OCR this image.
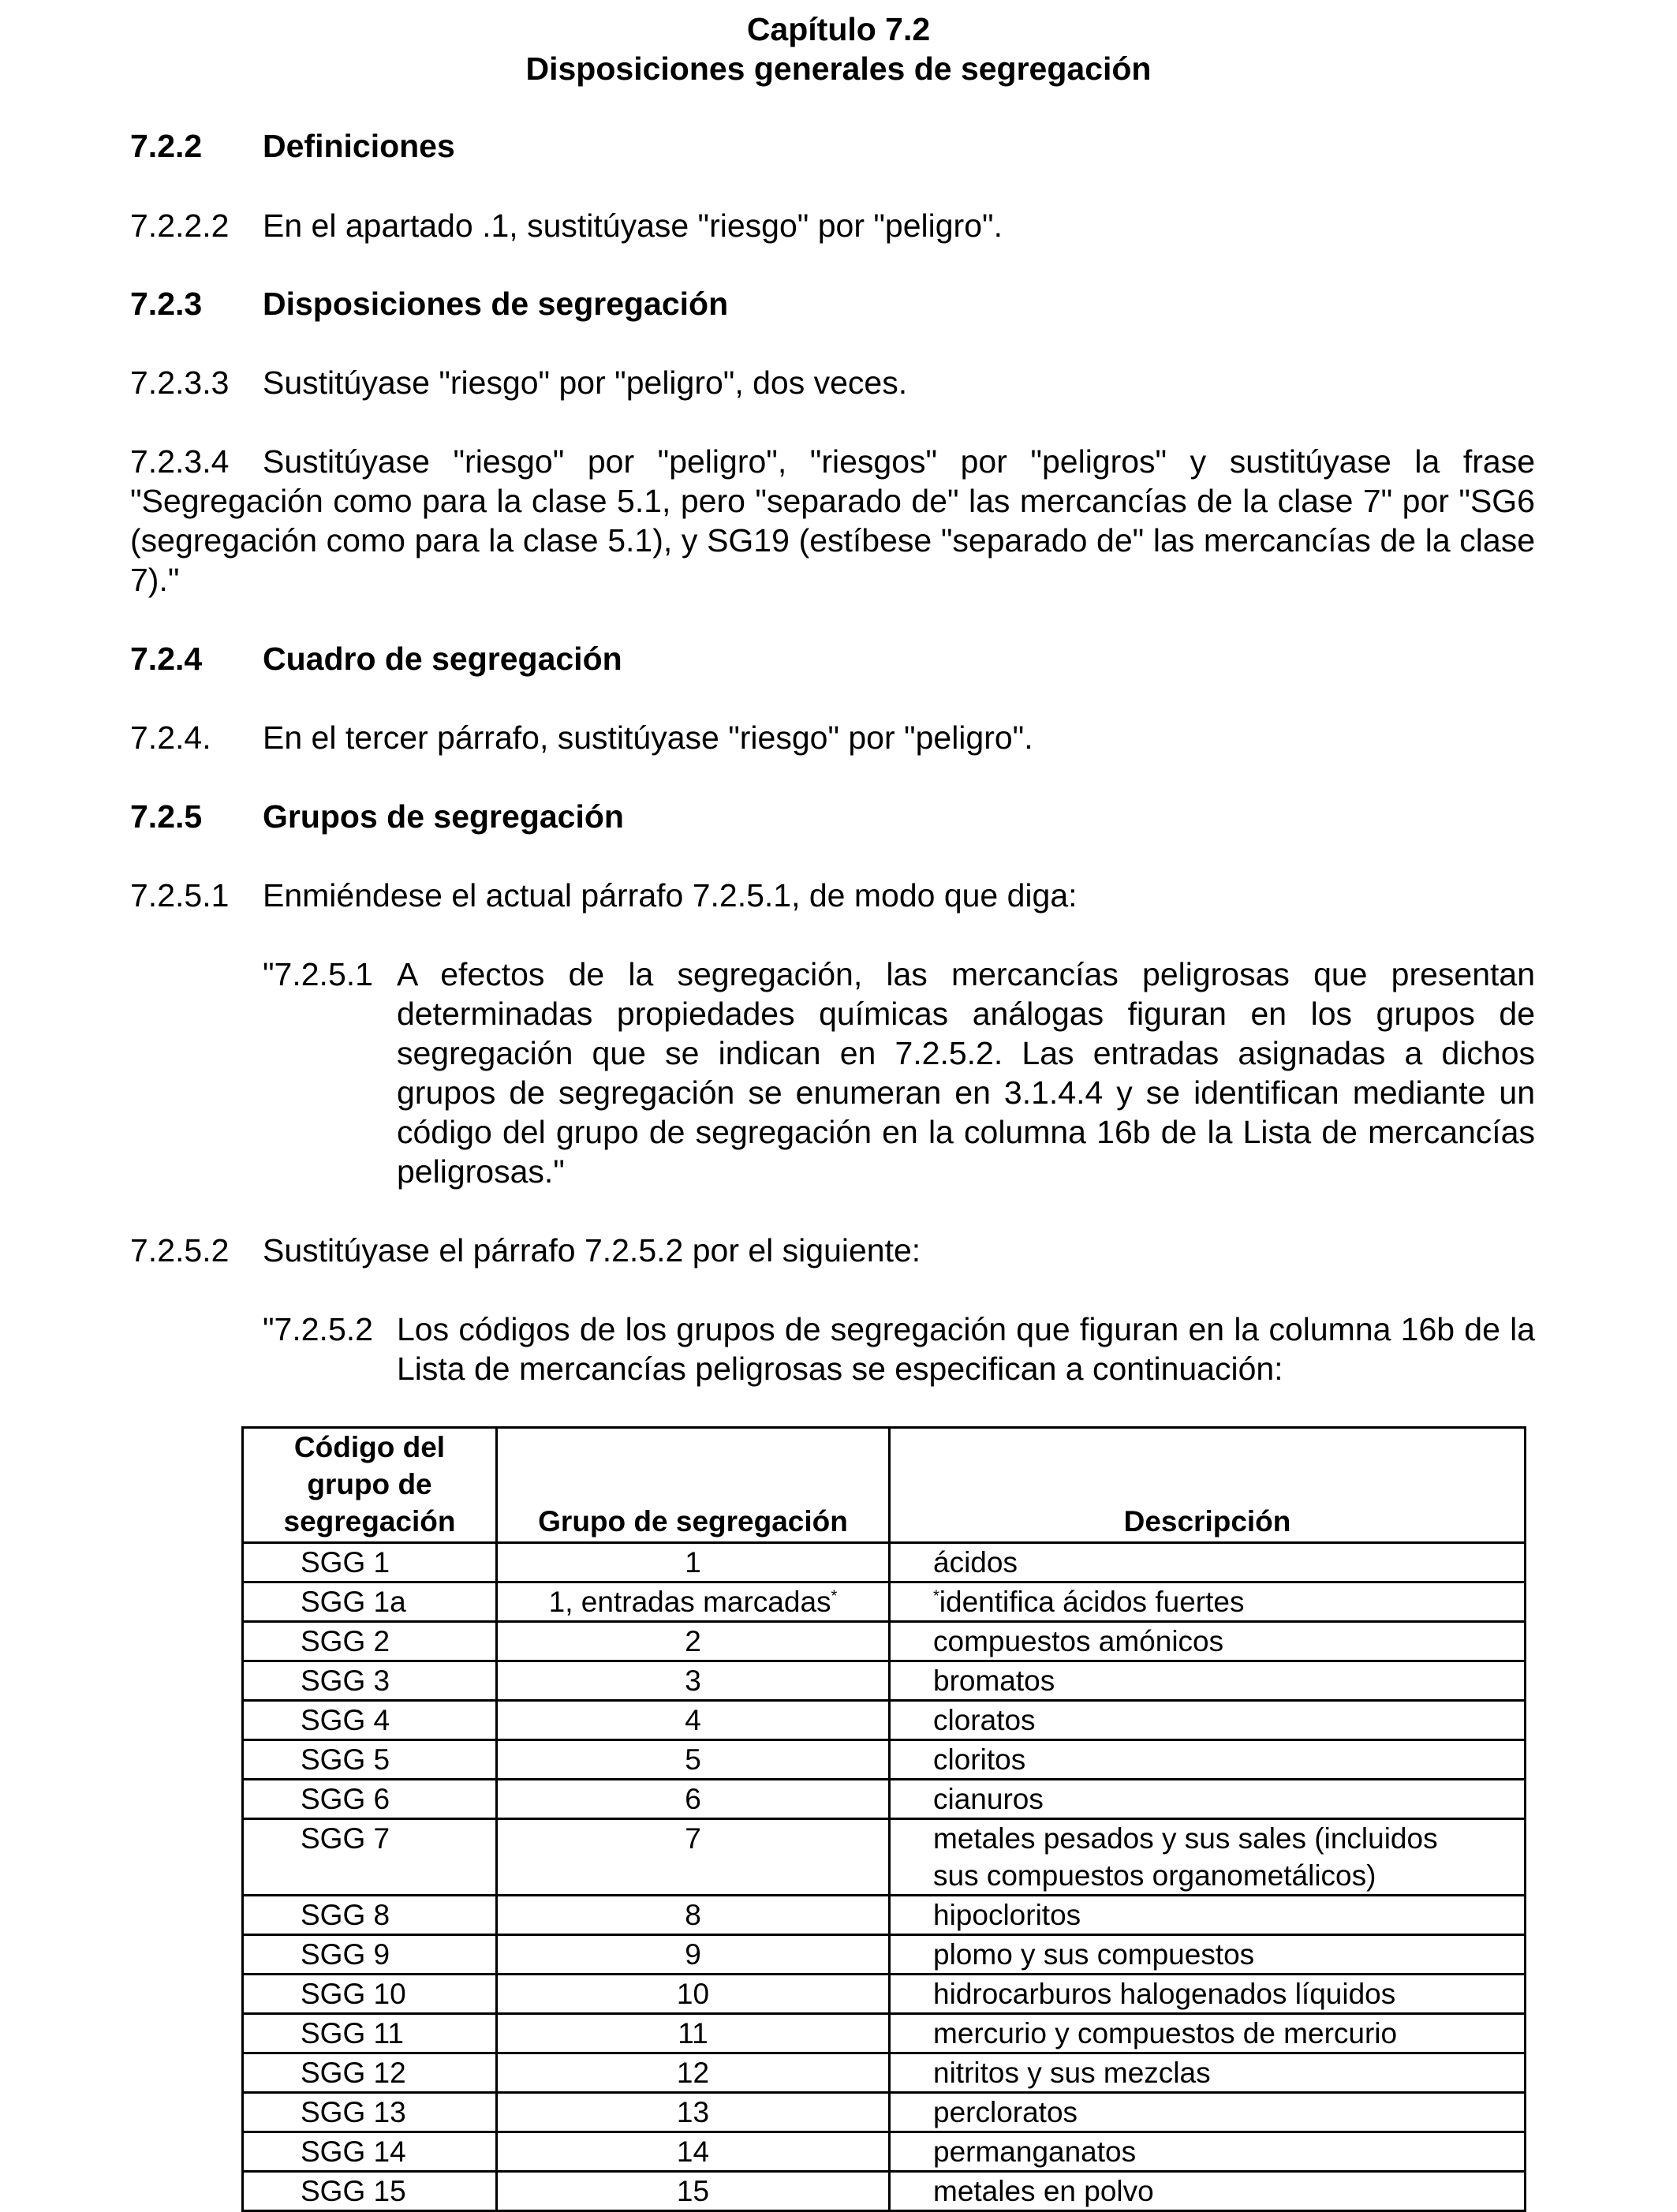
Capítulo 7.2
Disposiciones generales de segregación
7.2.2 Definiciones
7.2.2.2 En el apartado .1, sustitúyase "riesgo" por "peligro".
7.2.3 Disposiciones de segregación
7.2.3.3 Sustitúyase "riesgo" por "peligro", dos veces.
7.2.3.4 Sustitúyase "riesgo" por "peligro", "riesgos" por "peligros" y sustitúyase la frase
"Segregación como para la clase 5.1, pero "separado de" las mercancías de la clase 7" por "SG6 (segregación como para la clase 5.1), y SG19 (estíbese "separado de" las mercancías de la clase 7)."
7.2.4 Cuadro de segregación
7.2.4. En el tercer párrafo, sustitúyase "riesgo" por "peligro".
7.2.5 Grupos de segregación
7.2.5.1 Enmiéndese el actual párrafo 7.2.5.1, de modo que diga:
"7.2.5.1 A efectos de la segregación, las mercancías peligrosas que presentan determinadas propiedades químicas análogas figuran en los grupos de segregación que se indican en 7.2.5.2. Las entradas asignadas a dichos grupos de segregación se enumeran en 3.1.4.4 y se identifican mediante un código del grupo de segregación en la columna 16b de la Lista de mercancías peligrosas."
7.2.5.2 Sustitúyase el párrafo 7.2.5.2 por el siguiente:
"7.2.5.2 Los códigos de los grupos de segregación que figuran en la columna 16b de la Lista de mercancías peligrosas se especifican a continuación:
Código del
grupo de
segregación	Grupo de segregación	Descripción
SGG 1	1	ácidos
SGG 1a	1, entradas marcadas*	*identifica ácidos fuertes
SGG 2	2	compuestos amónicos
SGG 3	3	bromatos
SGG 4	4	cloratos
SGG 5	5	cloritos
SGG 6	6	cianuros
SGG 7	7	metales pesados y sus sales (incluidos
sus compuestos organometálicos)

SGG 8	8	hipocloritos
SGG 9	9	plomo y sus compuestos
SGG 10	10	hidrocarburos halogenados líquidos
SGG 11	11	mercurio y compuestos de mercurio
SGG 12	12	nitritos y sus mezclas
SGG 13	13	percloratos
SGG 14	14	permanganatos
SGG 15	15	metales en polvo
